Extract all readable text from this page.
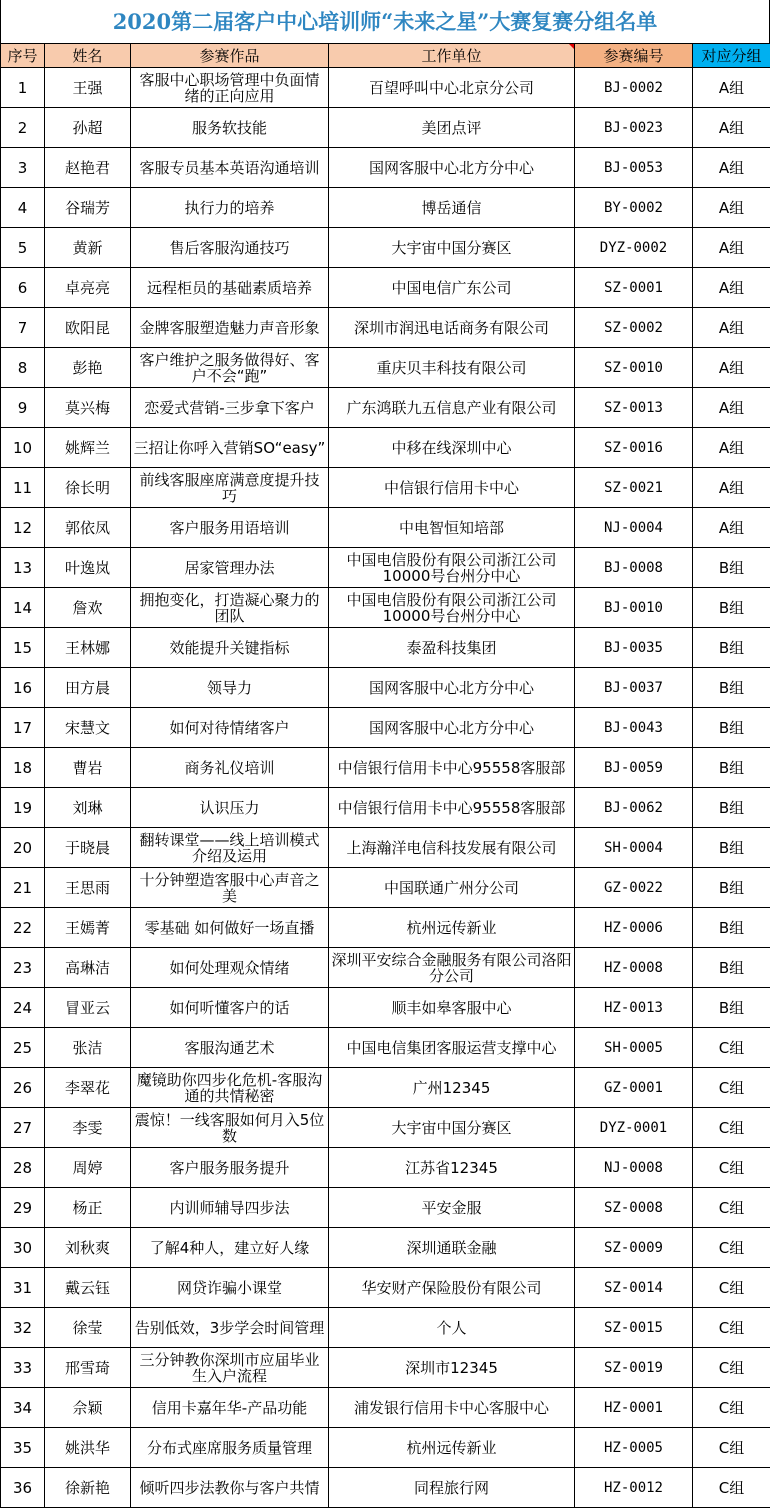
2020第二届客户中心培训师“未来之星”大赛复赛分组名单
序号	姓名	参赛作品	工作单位	参赛编号	对应分组
1	王强	客服中心职场管理中负面情绪的正向应用	百望呼叫中心北京分公司	BJ-0002	A组
2	孙超	服务软技能	美团点评	BJ-0023	A组
3	赵艳君	客服专员基本英语沟通培训	国网客服中心北方分中心	BJ-0053	A组
4	谷瑞芳	执行力的培养	博岳通信	BY-0002	A组
5	黄新	售后客服沟通技巧	大宇宙中国分赛区	DYZ-0002	A组
6	卓亮亮	远程柜员的基础素质培养	中国电信广东公司	SZ-0001	A组
7	欧阳昆	金牌客服塑造魅力声音形象	深圳市润迅电话商务有限公司	SZ-0002	A组
8	彭艳	客户维护之服务做得好、客户不会“跑”	重庆贝丰科技有限公司	SZ-0010	A组
9	莫兴梅	恋爱式营销-三步拿下客户	广东鸿联九五信息产业有限公司	SZ-0013	A组
10	姚辉兰	三招让你呼入营销SO“easy”	中移在线深圳中心	SZ-0016	A组
11	徐长明	前线客服座席满意度提升技巧	中信银行信用卡中心	SZ-0021	A组
12	郭依凤	客户服务用语培训	中电智恒知培部	NJ-0004	A组
13	叶逸岚	居家管理办法	中国电信股份有限公司浙江公司10000号台州分中心	BJ-0008	B组
14	詹欢	拥抱变化，打造凝心聚力的团队	中国电信股份有限公司浙江公司10000号台州分中心	BJ-0010	B组
15	王林娜	效能提升关键指标	泰盈科技集团	BJ-0035	B组
16	田方晨	领导力	国网客服中心北方分中心	BJ-0037	B组
17	宋慧文	如何对待情绪客户	国网客服中心北方分中心	BJ-0043	B组
18	曹岩	商务礼仪培训	中信银行信用卡中心95558客服部	BJ-0059	B组
19	刘琳	认识压力	中信银行信用卡中心95558客服部	BJ-0062	B组
20	于晓晨	翻转课堂——线上培训模式介绍及运用	上海瀚洋电信科技发展有限公司	SH-0004	B组
21	王思雨	十分钟塑造客服中心声音之美	中国联通广州分公司	GZ-0022	B组
22	王嫣菁	零基础 如何做好一场直播	杭州远传新业	HZ-0006	B组
23	高琳洁	如何处理观众情绪	深圳平安综合金融服务有限公司洛阳分公司	HZ-0008	B组
24	冒亚云	如何听懂客户的话	顺丰如皋客服中心	HZ-0013	B组
25	张洁	客服沟通艺术	中国电信集团客服运营支撑中心	SH-0005	C组
26	李翠花	魔镜助你四步化危机-客服沟通的共情秘密	广州12345	GZ-0001	C组
27	李雯	震惊！一线客服如何月入5位数	大宇宙中国分赛区	DYZ-0001	C组
28	周婷	客户服务服务提升	江苏省12345	NJ-0008	C组
29	杨正	内训师辅导四步法	平安金服	SZ-0008	C组
30	刘秋爽	了解4种人，建立好人缘	深圳通联金融	SZ-0009	C组
31	戴云钰	网贷诈骗小课堂	华安财产保险股份有限公司	SZ-0014	C组
32	徐莹	告别低效，3步学会时间管理	个人	SZ-0015	C组
33	邢雪琦	三分钟教你深圳市应届毕业生入户流程	深圳市12345	SZ-0019	C组
34	佘颖	信用卡嘉年华-产品功能	浦发银行信用卡中心客服中心	HZ-0001	C组
35	姚洪华	分布式座席服务质量管理	杭州远传新业	HZ-0005	C组
36	徐新艳	倾听四步法教你与客户共情	同程旅行网	HZ-0012	C组
